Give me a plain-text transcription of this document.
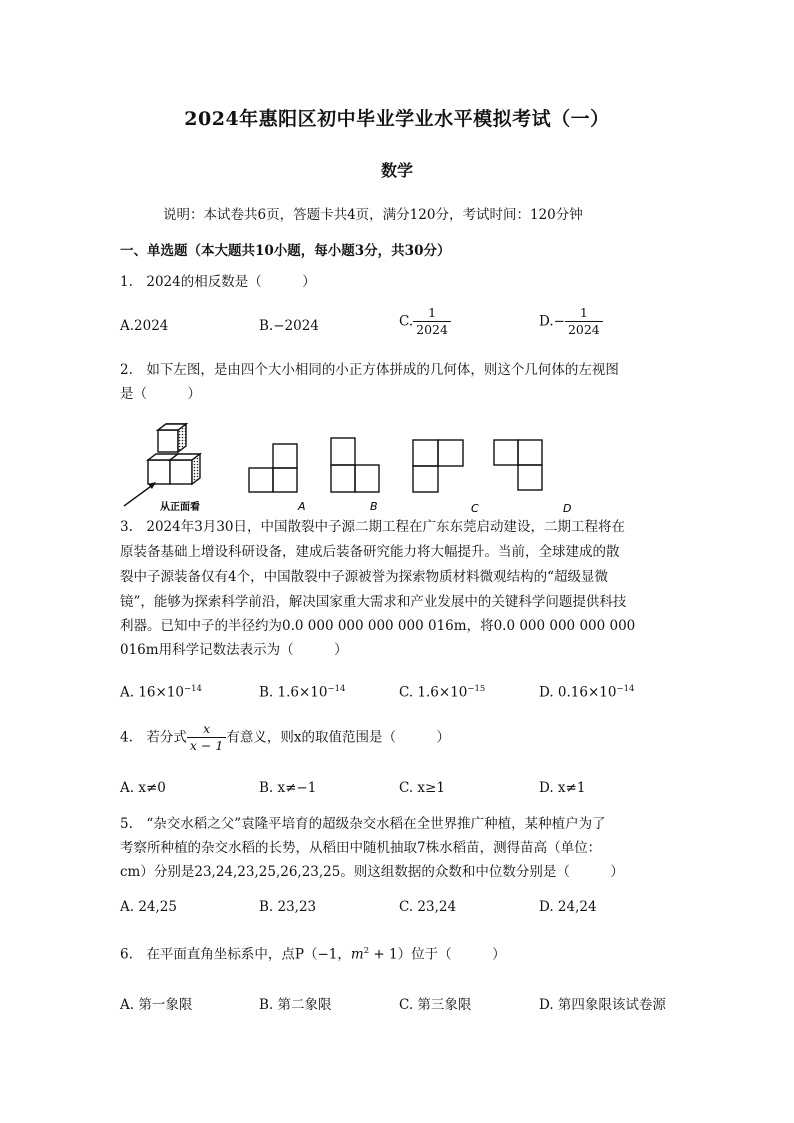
2024年惠阳区初中毕业学业水平模拟考试（一）
数学
说明：本试卷共6页，答题卡共4页，满分120分，考试时间：120分钟
一、单选题（本大题共10小题，每小题3分，共30分）
1.　2024的相反数是（　　　）
A.2024	B.−2024	C. $\frac{1}{2024}$	$D.- \frac{1}{2024}$
2.　如下左图，是由四个大小相同的小正方体拼成的几何体，则这个几何体的左视图
是（　　　）
从正面看	A	B	C	D
3.　2024年3月30日，中国散裂中子源二期工程在广东东莞启动建设，二期工程将在
原装备基础上增设科研设备，建成后装备研究能力将大幅提升。当前，全球建成的散
裂中子源装备仅有4个，中国散裂中子源被誉为探索物质材料微观结构的“超级显微
镜”，能够为探索科学前沿，解决国家重大需求和产业发展中的关键科学问题提供科技
利器。已知中子的半径约为0.0 000 000 000 000 016m，将0.0 000 000 000 000
016m用科学记数法表示为（　　　）
A. $16\times 10^{-14}$	B. $1.6\times 10^{-14}$	C. $1.6\times 10^{-15}$	D. $0.16\times 10^{-14}$
4.　若分式 $\frac{x}{x - 1}$ 有意义，则x的取值范围是（　　　）
A. x≠0	B. x≠−1	C. x≥1	D. x≠1
5.　“杂交水稻之父”袁隆平培育的超级杂交水稻在全世界推广种植，某种植户为了
考察所种植的杂交水稻的长势，从稻田中随机抽取7株水稻苗，测得苗高（单位：
cm）分别是23,24,23,25,26,23,25。则这组数据的众数和中位数分别是（　　　）
A. 24,25	B. 23,23	C. 23,24	D. 24,24
6.　在平面直角坐标系中，点P（−1，$m^2 + 1$）位于（　　　）
A. 第一象限	B. 第二象限	C. 第三象限	D. 第四象限该试卷源
